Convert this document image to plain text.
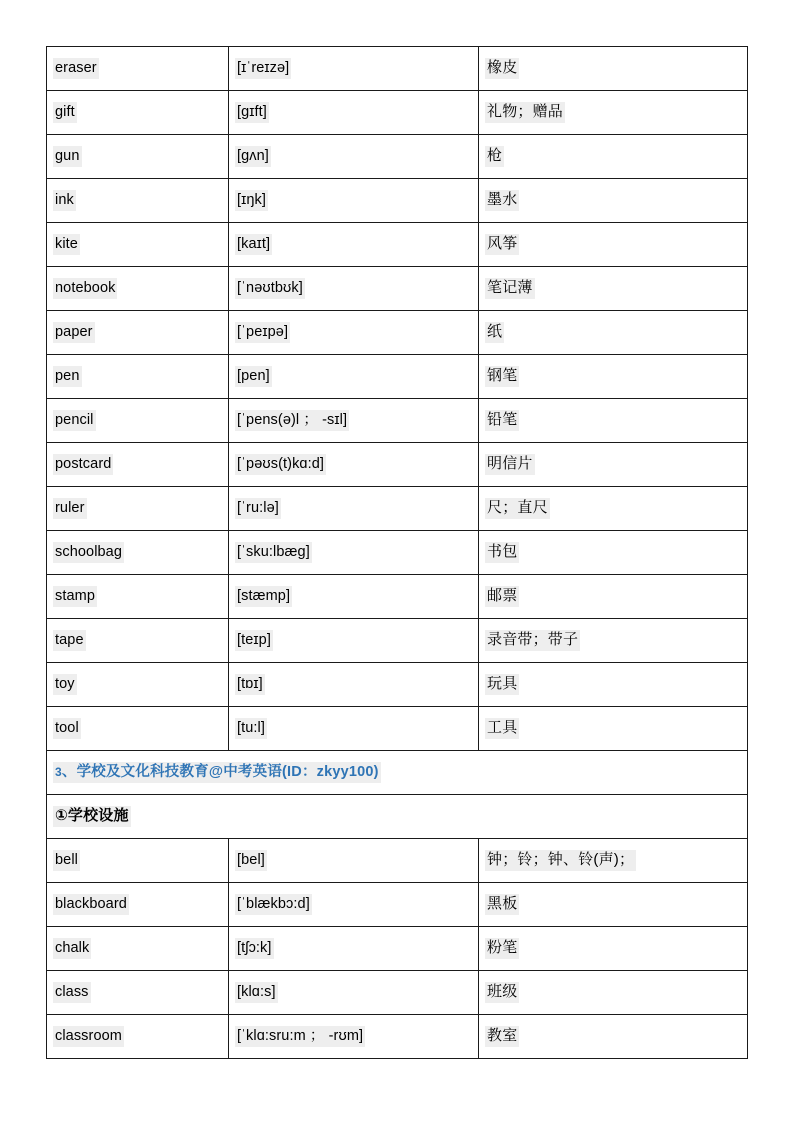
eraser	[ɪˈreɪzə]	橡皮
gift	[gɪft]	礼物；赠品
gun	[gʌn]	枪
ink	[ɪŋk]	墨水
kite	[kaɪt]	风筝
notebook	[ˈnəʊtbʊk]	笔记薄
paper	[ˈpeɪpə]	纸
pen	[pen]	钢笔
pencil	[ˈpens(ə)l ； -sɪl]	铅笔
postcard	[ˈpəʊs(t)kɑ:d]	明信片
ruler	[ˈru:lə]	尺；直尺
schoolbag	[ˈsku:lbæg]	书包
stamp	[stæmp]	邮票
tape	[teɪp]	录音带；带子
toy	[tɒɪ]	玩具
tool	[tu:l]	工具
3、学校及文化科技教育@中考英语(ID：zkyy100)		
①学校设施		
bell	[bel]	钟；铃；钟、铃(声)；
blackboard	[ˈblækbɔ:d]	黑板
chalk	[tʃɔ:k]	粉笔
class	[klɑ:s]	班级
classroom	[ˈklɑ:sru:m ； -rʊm]	教室
